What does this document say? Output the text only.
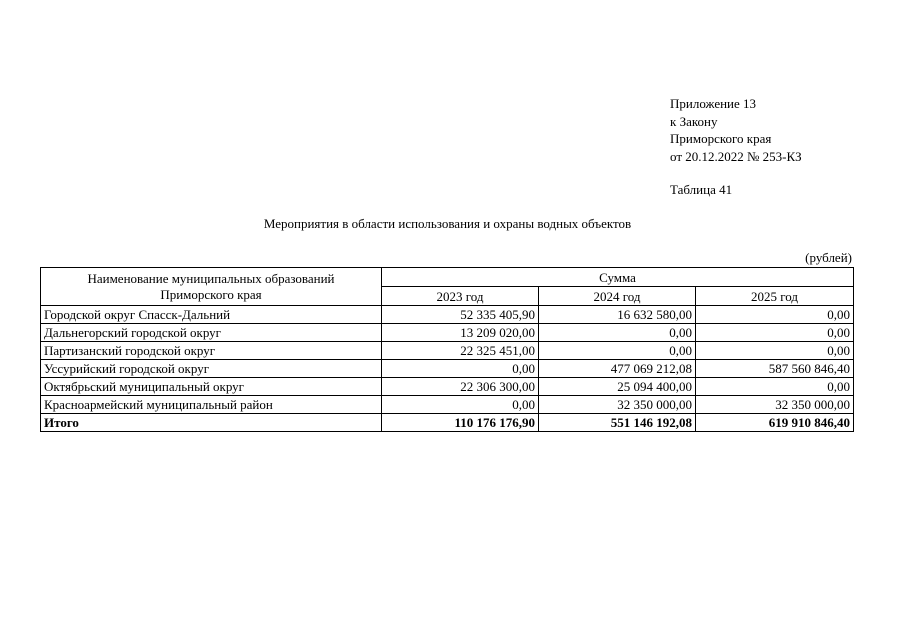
Приложение 13
к Закону
Приморского края
от 20.12.2022 № 253-КЗ
Таблица 41
Мероприятия в области использования и охраны водных объектов
(рублей)
Наименование муниципальных образований
Приморского края	Сумма		
	2023 год	2024 год	2025 год
Городской округ Спасск-Дальний	52 335 405,90	16 632 580,00	0,00
Дальнегорский городской округ	13 209 020,00	0,00	0,00
Партизанский городской округ	22 325 451,00	0,00	0,00
Уссурийский городской округ	0,00	477 069 212,08	587 560 846,40
Октябрьский муниципальный округ	22 306 300,00	25 094 400,00	0,00
Красноармейский муниципальный район	0,00	32 350 000,00	32 350 000,00
Итого	110 176 176,90	551 146 192,08	619 910 846,40
